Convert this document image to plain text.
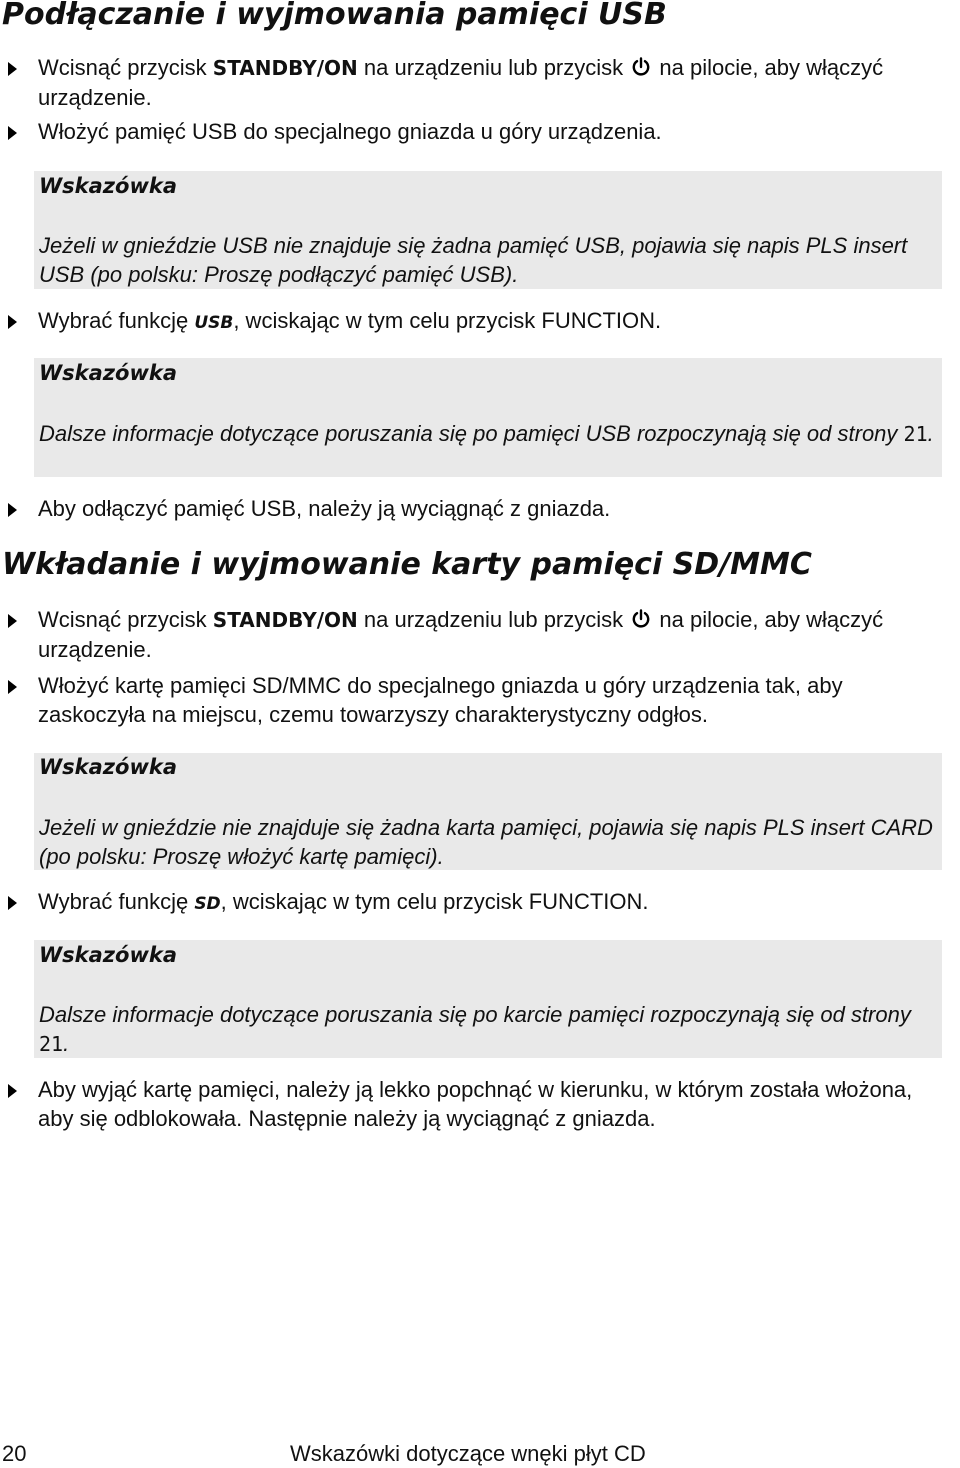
Podłączanie i wyjmowania pamięci USB
Wcisnąć przycisk STANDBY/ON na urządzeniu lub przycisk  na pilocie, aby włączyć urządzenie.
Włożyć pamięć USB do specjalnego gniazda u góry urządzenia.
Wskazówka
Jeżeli w gnieździe USB nie znajduje się żadna pamięć USB, pojawia się napis PLS insert USB (po polsku: Proszę podłączyć pamięć USB).
Wybrać funkcję USB, wciskając w tym celu przycisk FUNCTION.
Wskazówka
Dalsze informacje dotyczące poruszania się po pamięci USB rozpoczynają się od strony 21.
Aby odłączyć pamięć USB, należy ją wyciągnąć z gniazda.
Wkładanie i wyjmowanie karty pamięci SD/MMC
Wcisnąć przycisk STANDBY/ON na urządzeniu lub przycisk  na pilocie, aby włączyć urządzenie.
Włożyć kartę pamięci SD/MMC do specjalnego gniazda u góry urządzenia tak, aby zaskoczyła na miejscu, czemu towarzyszy charakterystyczny odgłos.
Wskazówka
Jeżeli w gnieździe nie znajduje się żadna karta pamięci, pojawia się napis PLS insert CARD (po polsku: Proszę włożyć kartę pamięci).
Wybrać funkcję SD, wciskając w tym celu przycisk FUNCTION.
Wskazówka
Dalsze informacje dotyczące poruszania się po karcie pamięci rozpoczynają się od strony 21.
Aby wyjąć kartę pamięci, należy ją lekko popchnąć w kierunku, w którym została włożona, aby się odblokowała. Następnie należy ją wyciągnąć z gniazda.
20	Wskazówki dotyczące wnęki płyt CD
